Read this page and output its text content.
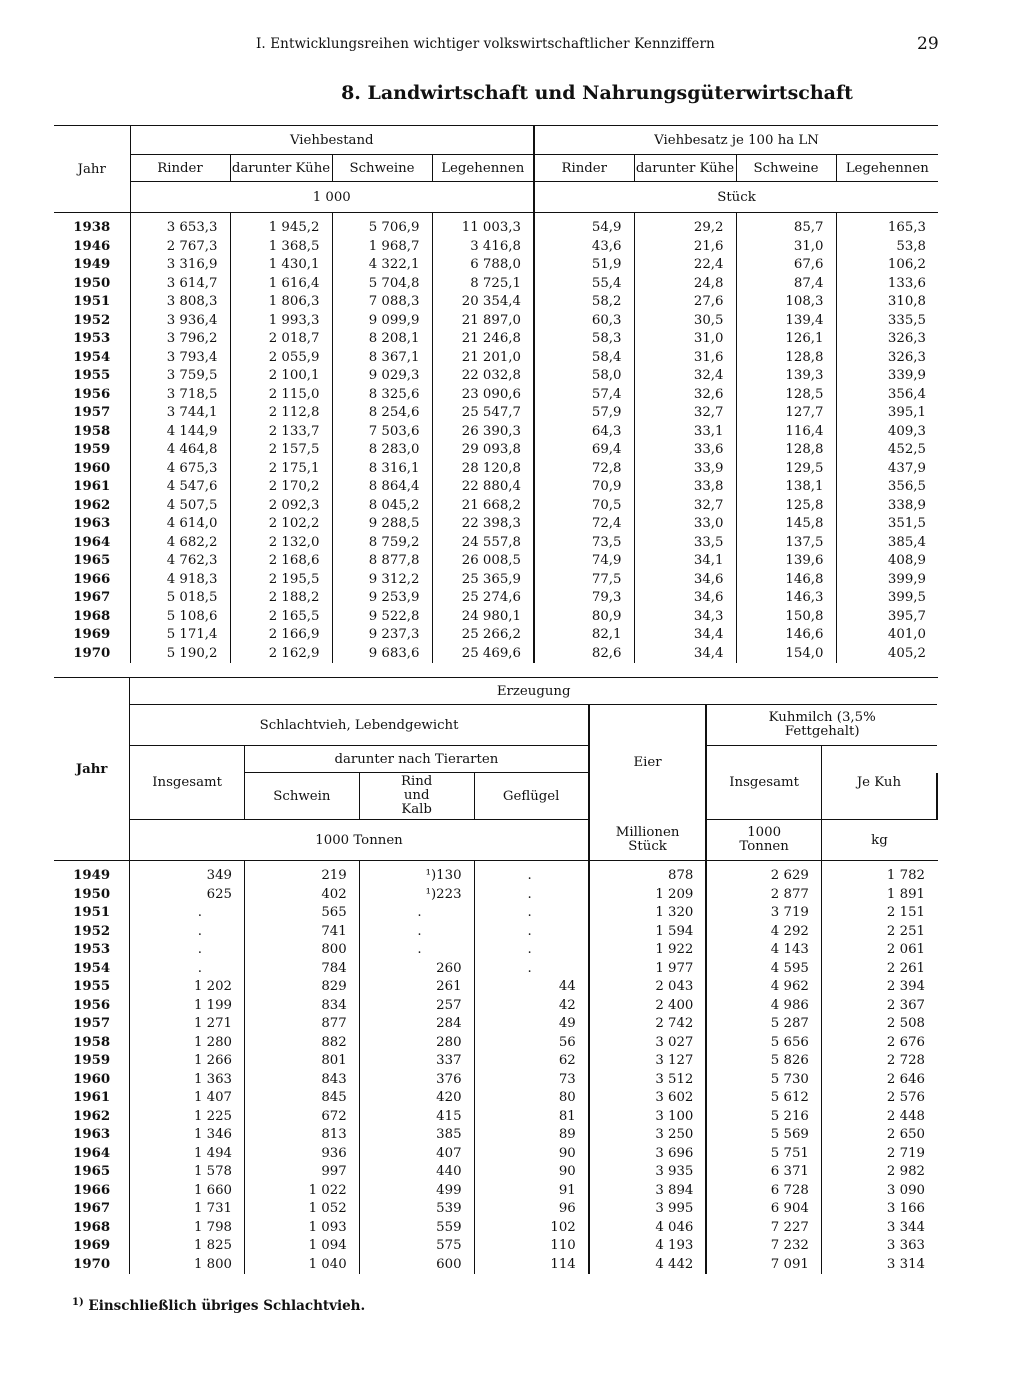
I. Entwicklungsreihen wichtiger volkswirtschaftlicher Kennziffern	29
8. Landwirtschaft und Nahrungsgüterwirtschaft
Jahr	Viehbestand				Viehbesatz je 100 ha LN			
	Rinder	darunter Kühe	Schweine	Legehennen	Rinder	darunter Kühe	Schweine	Legehennen
	1 000				Stück			

1938	3 653,3	1 945,2	5 706,9	11 003,3	54,9	29,2	85,7	165,3
1946	2 767,3	1 368,5	1 968,7	3 416,8	43,6	21,6	31,0	53,8
1949	3 316,9	1 430,1	4 322,1	6 788,0	51,9	22,4	67,6	106,2
1950	3 614,7	1 616,4	5 704,8	8 725,1	55,4	24,8	87,4	133,6
1951	3 808,3	1 806,3	7 088,3	20 354,4	58,2	27,6	108,3	310,8
1952	3 936,4	1 993,3	9 099,9	21 897,0	60,3	30,5	139,4	335,5
1953	3 796,2	2 018,7	8 208,1	21 246,8	58,3	31,0	126,1	326,3
1954	3 793,4	2 055,9	8 367,1	21 201,0	58,4	31,6	128,8	326,3
1955	3 759,5	2 100,1	9 029,3	22 032,8	58,0	32,4	139,3	339,9
1956	3 718,5	2 115,0	8 325,6	23 090,6	57,4	32,6	128,5	356,4
1957	3 744,1	2 112,8	8 254,6	25 547,7	57,9	32,7	127,7	395,1
1958	4 144,9	2 133,7	7 503,6	26 390,3	64,3	33,1	116,4	409,3
1959	4 464,8	2 157,5	8 283,0	29 093,8	69,4	33,6	128,8	452,5
1960	4 675,3	2 175,1	8 316,1	28 120,8	72,8	33,9	129,5	437,9
1961	4 547,6	2 170,2	8 864,4	22 880,4	70,9	33,8	138,1	356,5
1962	4 507,5	2 092,3	8 045,2	21 668,2	70,5	32,7	125,8	338,9
1963	4 614,0	2 102,2	9 288,5	22 398,3	72,4	33,0	145,8	351,5
1964	4 682,2	2 132,0	8 759,2	24 557,8	73,5	33,5	137,5	385,4
1965	4 762,3	2 168,6	8 877,8	26 008,5	74,9	34,1	139,6	408,9
1966	4 918,3	2 195,5	9 312,2	25 365,9	77,5	34,6	146,8	399,9
1967	5 018,5	2 188,2	9 253,9	25 274,6	79,3	34,6	146,3	399,5
1968	5 108,6	2 165,5	9 522,8	24 980,1	80,9	34,3	150,8	395,7
1969	5 171,4	2 166,9	9 237,3	25 266,2	82,1	34,4	146,6	401,0
1970	5 190,2	2 162,9	9 683,6	25 469,6	82,6	34,4	154,0	405,2
Jahr	Erzeugung							
	Schlachtvieh, Lebendgewicht				Eier	Kuhmilch (3,5% Fettgehalt)		
	Insgesamt	darunter nach Tierarten				Insgesamt	Je Kuh	
		Schwein	Rind und Kalb	Geflügel				
	1000 Tonnen				Millionen Stück	1000 Tonnen	kg	

1949	349	219	¹)130	.	878	2 629	1 782	
1950	625	402	¹)223	.	1 209	2 877	1 891	
1951	.	565	.	.	1 320	3 719	2 151	
1952	.	741	.	.	1 594	4 292	2 251	
1953	.	800	.	.	1 922	4 143	2 061	
1954	.	784	260	.	1 977	4 595	2 261	
1955	1 202	829	261	44	2 043	4 962	2 394	
1956	1 199	834	257	42	2 400	4 986	2 367	
1957	1 271	877	284	49	2 742	5 287	2 508	
1958	1 280	882	280	56	3 027	5 656	2 676	
1959	1 266	801	337	62	3 127	5 826	2 728	
1960	1 363	843	376	73	3 512	5 730	2 646	
1961	1 407	845	420	80	3 602	5 612	2 576	
1962	1 225	672	415	81	3 100	5 216	2 448	
1963	1 346	813	385	89	3 250	5 569	2 650	
1964	1 494	936	407	90	3 696	5 751	2 719	
1965	1 578	997	440	90	3 935	6 371	2 982	
1966	1 660	1 022	499	91	3 894	6 728	3 090	
1967	1 731	1 052	539	96	3 995	6 904	3 166	
1968	1 798	1 093	559	102	4 046	7 227	3 344	
1969	1 825	1 094	575	110	4 193	7 232	3 363	
1970	1 800	1 040	600	114	4 442	7 091	3 314	
$^{1)}$ Einschließlich übriges Schlachtvieh.
